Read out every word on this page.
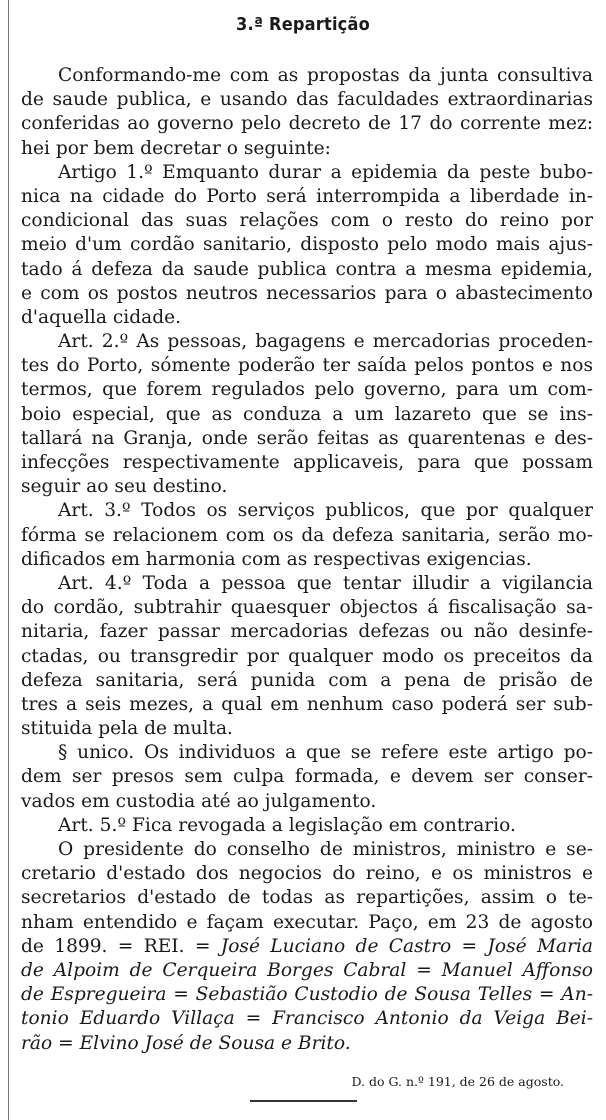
3.ª Repartição
Conformando-me com as propostas da junta consultiva
de saude publica, e usando das faculdades extraordinarias
conferidas ao governo pelo decreto de 17 do corrente mez:
hei por bem decretar o seguinte:
Artigo 1.º Emquanto durar a epidemia da peste bubo-
nica na cidade do Porto será interrompida a liberdade in-
condicional das suas relações com o resto do reino por
meio d'um cordão sanitario, disposto pelo modo mais ajus-
tado á defeza da saude publica contra a mesma epidemia,
e com os postos neutros necessarios para o abastecimento
d'aquella cidade.
Art. 2.º As pessoas, bagagens e mercadorias proceden-
tes do Porto, sómente poderão ter saída pelos pontos e nos
termos, que forem regulados pelo governo, para um com-
boio especial, que as conduza a um lazareto que se ins-
tallará na Granja, onde serão feitas as quarentenas e des-
infecções respectivamente applicaveis, para que possam
seguir ao seu destino.
Art. 3.º Todos os serviços publicos, que por qualquer
fórma se relacionem com os da defeza sanitaria, serão mo-
dificados em harmonia com as respectivas exigencias.
Art. 4.º Toda a pessoa que tentar illudir a vigilancia
do cordão, subtrahir quaesquer objectos á fiscalisação sa-
nitaria, fazer passar mercadorias defezas ou não desinfe-
ctadas, ou transgredir por qualquer modo os preceitos da
defeza sanitaria, será punida com a pena de prisão de
tres a seis mezes, a qual em nenhum caso poderá ser sub-
stituida pela de multa.
§ unico. Os individuos a que se refere este artigo po-
dem ser presos sem culpa formada, e devem ser conser-
vados em custodia até ao julgamento.
Art. 5.º Fica revogada a legislação em contrario.
O presidente do conselho de ministros, ministro e se-
cretario d'estado dos negocios do reino, e os ministros e
secretarios d'estado de todas as repartições, assim o te-
nham entendido e façam executar. Paço, em 23 de agosto
de 1899. = REI. = José Luciano de Castro = José Maria
de Alpoim de Cerqueira Borges Cabral = Manuel Affonso
de Espregueira = Sebastião Custodio de Sousa Telles = An-
tonio Eduardo Villaça = Francisco Antonio da Veiga Bei-
rão = Elvino José de Sousa e Brito.
D. do G. n.º 191, de 26 de agosto.
